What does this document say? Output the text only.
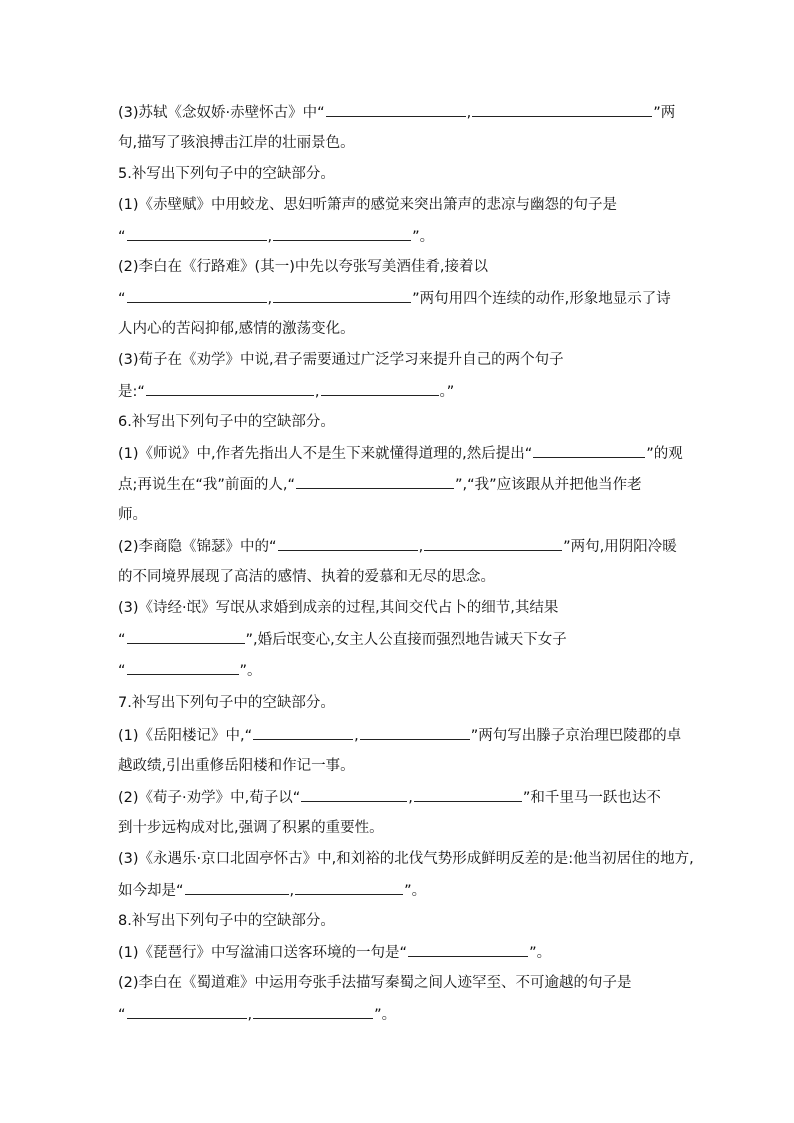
(3)苏轼《念奴娇·赤壁怀古》中“	,	”两
句,描写了骇浪搏击江岸的壮丽景色。
5.补写出下列句子中的空缺部分。
(1)《赤壁赋》中用蛟龙、思妇听箫声的感觉来突出箫声的悲凉与幽怨的句子是
“	,	”。
(2)李白在《行路难》(其一)中先以夸张写美酒佳肴,接着以
“	,	”两句用四个连续的动作,形象地显示了诗
人内心的苦闷抑郁,感情的激荡变化。
(3)荀子在《劝学》中说,君子需要通过广泛学习来提升自己的两个句子
是:“	,	。”
6.补写出下列句子中的空缺部分。
(1)《师说》中,作者先指出人不是生下来就懂得道理的,然后提出“	”的观
点;再说生在“我”前面的人,“	”,“我”应该跟从并把他当作老
师。
(2)李商隐《锦瑟》中的“	,	”两句,用阴阳冷暖
的不同境界展现了高洁的感情、执着的爱慕和无尽的思念。
(3)《诗经·氓》写氓从求婚到成亲的过程,其间交代占卜的细节,其结果
“	”,婚后氓变心,女主人公直接而强烈地告诫天下女子
“	”。
7.补写出下列句子中的空缺部分。
(1)《岳阳楼记》中,“	,	”两句写出滕子京治理巴陵郡的卓
越政绩,引出重修岳阳楼和作记一事。
(2)《荀子·劝学》中,荀子以“	,	”和千里马一跃也达不
到十步远构成对比,强调了积累的重要性。
(3)《永遇乐·京口北固亭怀古》中,和刘裕的北伐气势形成鲜明反差的是:他当初居住的地方,
如今却是“	,	”。
8.补写出下列句子中的空缺部分。
(1)《琵琶行》中写湓浦口送客环境的一句是“	”。
(2)李白在《蜀道难》中运用夸张手法描写秦蜀之间人迹罕至、不可逾越的句子是
“	,	”。
